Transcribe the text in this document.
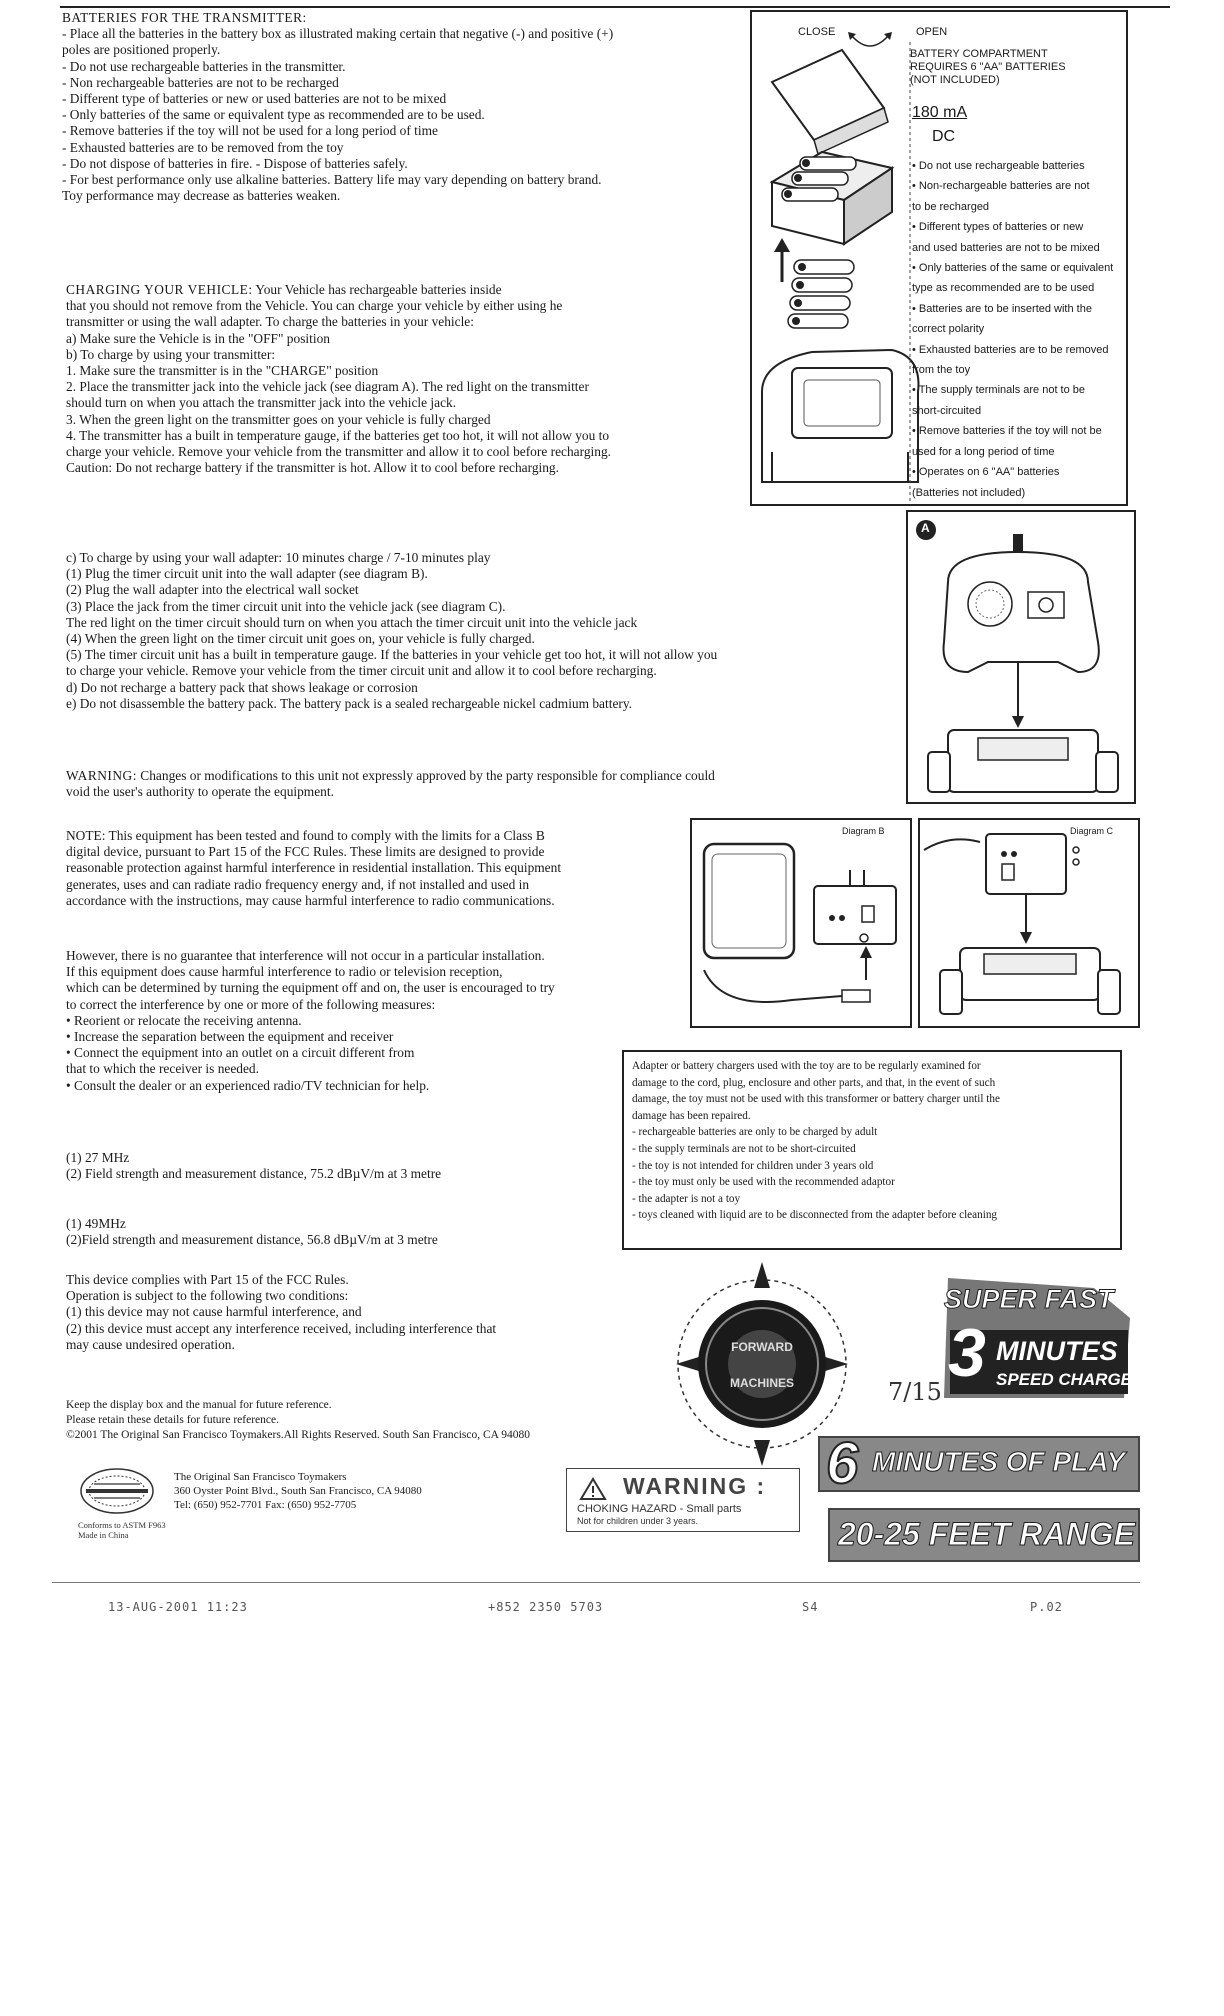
BATTERIES FOR THE TRANSMITTER:
- Place all the batteries in the battery box as illustrated making certain that negative (-) and positive (+)
poles are positioned properly.
- Do not use rechargeable batteries in the transmitter.
- Non rechargeable batteries are not to be recharged
- Different type of batteries or new or used batteries are not to be mixed
- Only batteries of the same or equivalent type as recommended are to be used.
- Remove batteries if the toy will not be used for a long period of time
- Exhausted batteries are to be removed from the toy
- Do not dispose of batteries in fire. - Dispose of batteries safely.
- For best performance only use alkaline batteries. Battery life may vary depending on battery brand.
Toy performance may decrease as batteries weaken.
CHARGING YOUR VEHICLE: Your Vehicle has rechargeable batteries inside
that you should not remove from the Vehicle. You can charge your vehicle by either using he
transmitter or using the wall adapter. To charge the batteries in your vehicle:
a) Make sure the Vehicle is in the "OFF" position
b) To charge by using your transmitter:
1. Make sure the transmitter is in the "CHARGE" position
2. Place the transmitter jack into the vehicle jack (see diagram A). The red light on the transmitter
should turn on when you attach the transmitter jack into the vehicle jack.
3. When the green light on the transmitter goes on your vehicle is fully charged
4. The transmitter has a built in temperature gauge, if the batteries get too hot, it will not allow you to
charge your vehicle. Remove your vehicle from the transmitter and allow it to cool before recharging.
Caution: Do not recharge battery if the transmitter is hot. Allow it to cool before recharging.
c) To charge by using your wall adapter: 10 minutes charge / 7-10 minutes play
(1) Plug the timer circuit unit into the wall adapter (see diagram B).
(2) Plug the wall adapter into the electrical wall socket
(3) Place the jack from the timer circuit unit into the vehicle jack (see diagram C).
The red light on the timer circuit should turn on when you attach the timer circuit unit into the vehicle jack
(4) When the green light on the timer circuit unit goes on, your vehicle is fully charged.
(5) The timer circuit unit has a built in temperature gauge. If the batteries in your vehicle get too hot, it will not allow you
to charge your vehicle. Remove your vehicle from the timer circuit unit and allow it to cool before recharging.
d) Do not recharge a battery pack that shows leakage or corrosion
e) Do not disassemble the battery pack. The battery pack is a sealed rechargeable nickel cadmium battery.
WARNING: Changes or modifications to this unit not expressly approved by the party responsible for compliance could
void the user's authority to operate the equipment.
NOTE: This equipment has been tested and found to comply with the limits for a Class B
digital device, pursuant to Part 15 of the FCC Rules. These limits are designed to provide
reasonable protection against harmful interference in residential installation. This equipment
generates, uses and can radiate radio frequency energy and, if not installed and used in
accordance with the instructions, may cause harmful interference to radio communications.
However, there is no guarantee that interference will not occur in a particular installation.
If this equipment does cause harmful interference to radio or television reception,
which can be determined by turning the equipment off and on, the user is encouraged to try
to correct the interference by one or more of the following measures:
• Reorient or relocate the receiving antenna.
• Increase the separation between the equipment and receiver
• Connect the equipment into an outlet on a circuit different from
that to which the receiver is needed.
• Consult the dealer or an experienced radio/TV technician for help.
(1) 27 MHz
(2) Field strength and measurement distance, 75.2 dBµV/m at 3 metre
(1) 49MHz
(2)Field strength and measurement distance, 56.8 dBµV/m at 3 metre
This device complies with Part 15 of the FCC Rules.
Operation is subject to the following two conditions:
(1) this device may not cause harmful interference, and
(2) this device must accept any interference received, including interference that
may cause undesired operation.
Keep the display box and the manual for future reference.
Please retain these details for future reference.
©2001 The Original San Francisco Toymakers.All Rights Reserved. South San Francisco, CA 94080
Conforms to ASTM F963
Made in China
The Original San Francisco Toymakers
360 Oyster Point Blvd., South San Francisco, CA 94080
Tel: (650) 952-7701 Fax: (650) 952-7705
WARNING :
CHOKING HAZARD - Small parts
Not for children under 3 years.
CLOSE	OPEN
BATTERY COMPARTMENT
REQUIRES 6 "AA" BATTERIES
(NOT INCLUDED)
180 mA
DC
• Do not use rechargeable batteries
• Non-rechargeable batteries are not
to be recharged
• Different types of batteries or new
and used batteries are not to be mixed
• Only batteries of the same or equivalent
type as recommended are to be used
• Batteries are to be inserted with the
correct polarity
• Exhausted batteries are to be removed
from the toy
• The supply terminals are not to be
short-circuited
• Remove batteries if the toy will not be
used for a long period of time
• Operates on 6 "AA" batteries
(Batteries not included)
A
Diagram B	Diagram C
Adapter or battery chargers used with the toy are to be regularly examined for
damage to the cord, plug, enclosure and other parts, and that, in the event of such
damage, the toy must not be used with this transformer or battery charger until the
damage has been repaired.
- rechargeable batteries are only to be charged by adult
- the supply terminals are not to be short-circuited
- the toy is not intended for children under 3 years old
- the toy must only be used with the recommended adaptor
- the adapter is not a toy
- toys cleaned with liquid are to be disconnected from the adapter before cleaning
FORWARD
MACHINES	7/15
SUPER FAST
3 MINUTES
SPEED CHARGE
6 MINUTES OF PLAY
20-25 FEET RANGE
13-AUG-2001 11:23	+852 2350 5703	S4	P.02
